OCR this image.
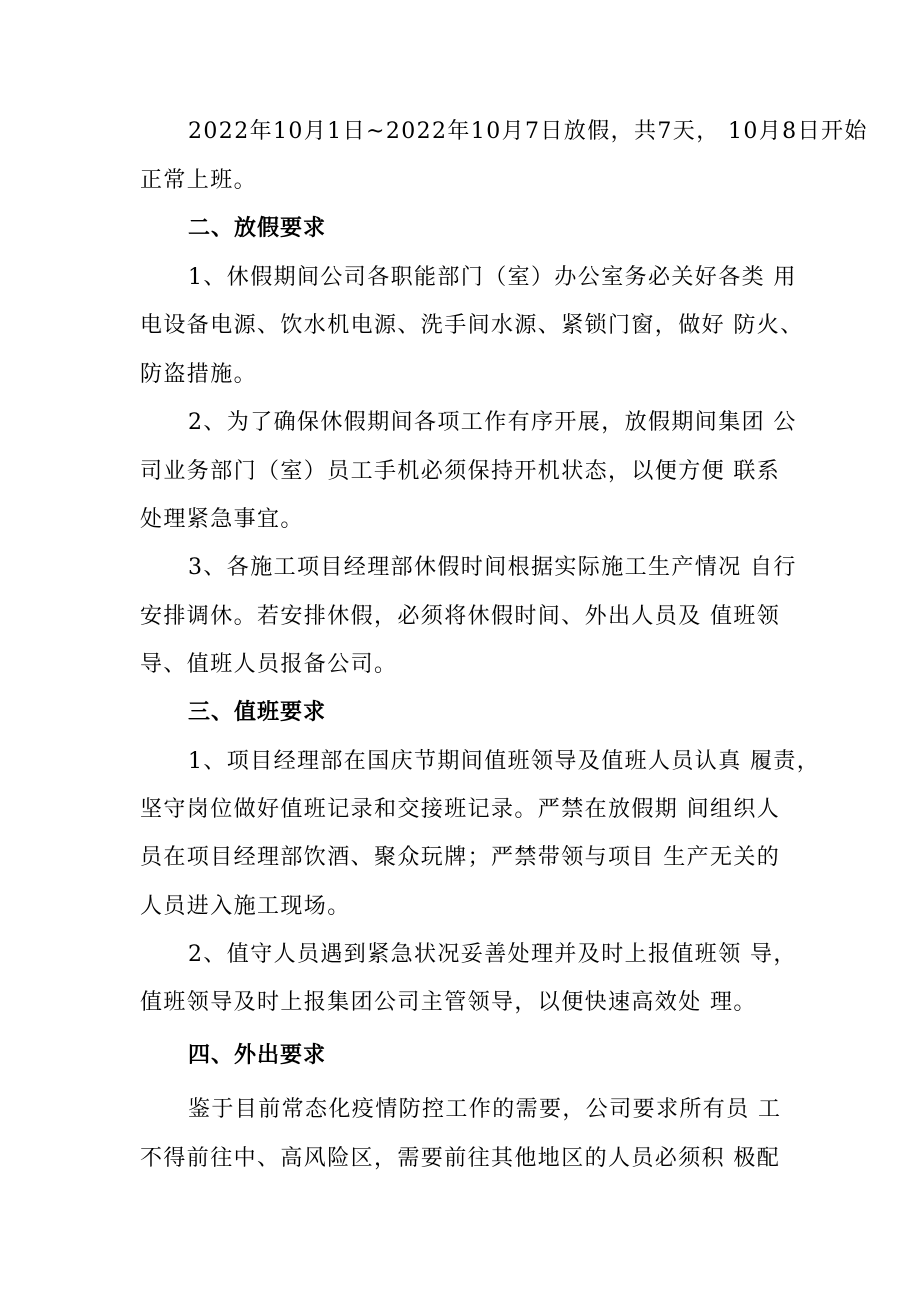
2022年10月1日~2022年10月7日放假，共7天， 10月8日开始
正常上班。
二、放假要求
1、休假期间公司各职能部门（室）办公室务必关好各类 用
电设备电源、饮水机电源、洗手间水源、紧锁门窗，做好 防火、
防盗措施。
2、为了确保休假期间各项工作有序开展，放假期间集团 公
司业务部门（室）员工手机必须保持开机状态，以便方便 联系
处理紧急事宜。
3、各施工项目经理部休假时间根据实际施工生产情况 自行
安排调休。若安排休假，必须将休假时间、外出人员及 值班领
导、值班人员报备公司。
三、值班要求
1、项目经理部在国庆节期间值班领导及值班人员认真 履责，
坚守岗位做好值班记录和交接班记录。严禁在放假期 间组织人
员在项目经理部饮酒、聚众玩牌；严禁带领与项目 生产无关的
人员进入施工现场。
2、值守人员遇到紧急状况妥善处理并及时上报值班领 导，
值班领导及时上报集团公司主管领导，以便快速高效处 理。
四、外出要求
鉴于目前常态化疫情防控工作的需要，公司要求所有员 工
不得前往中、高风险区，需要前往其他地区的人员必须积 极配
